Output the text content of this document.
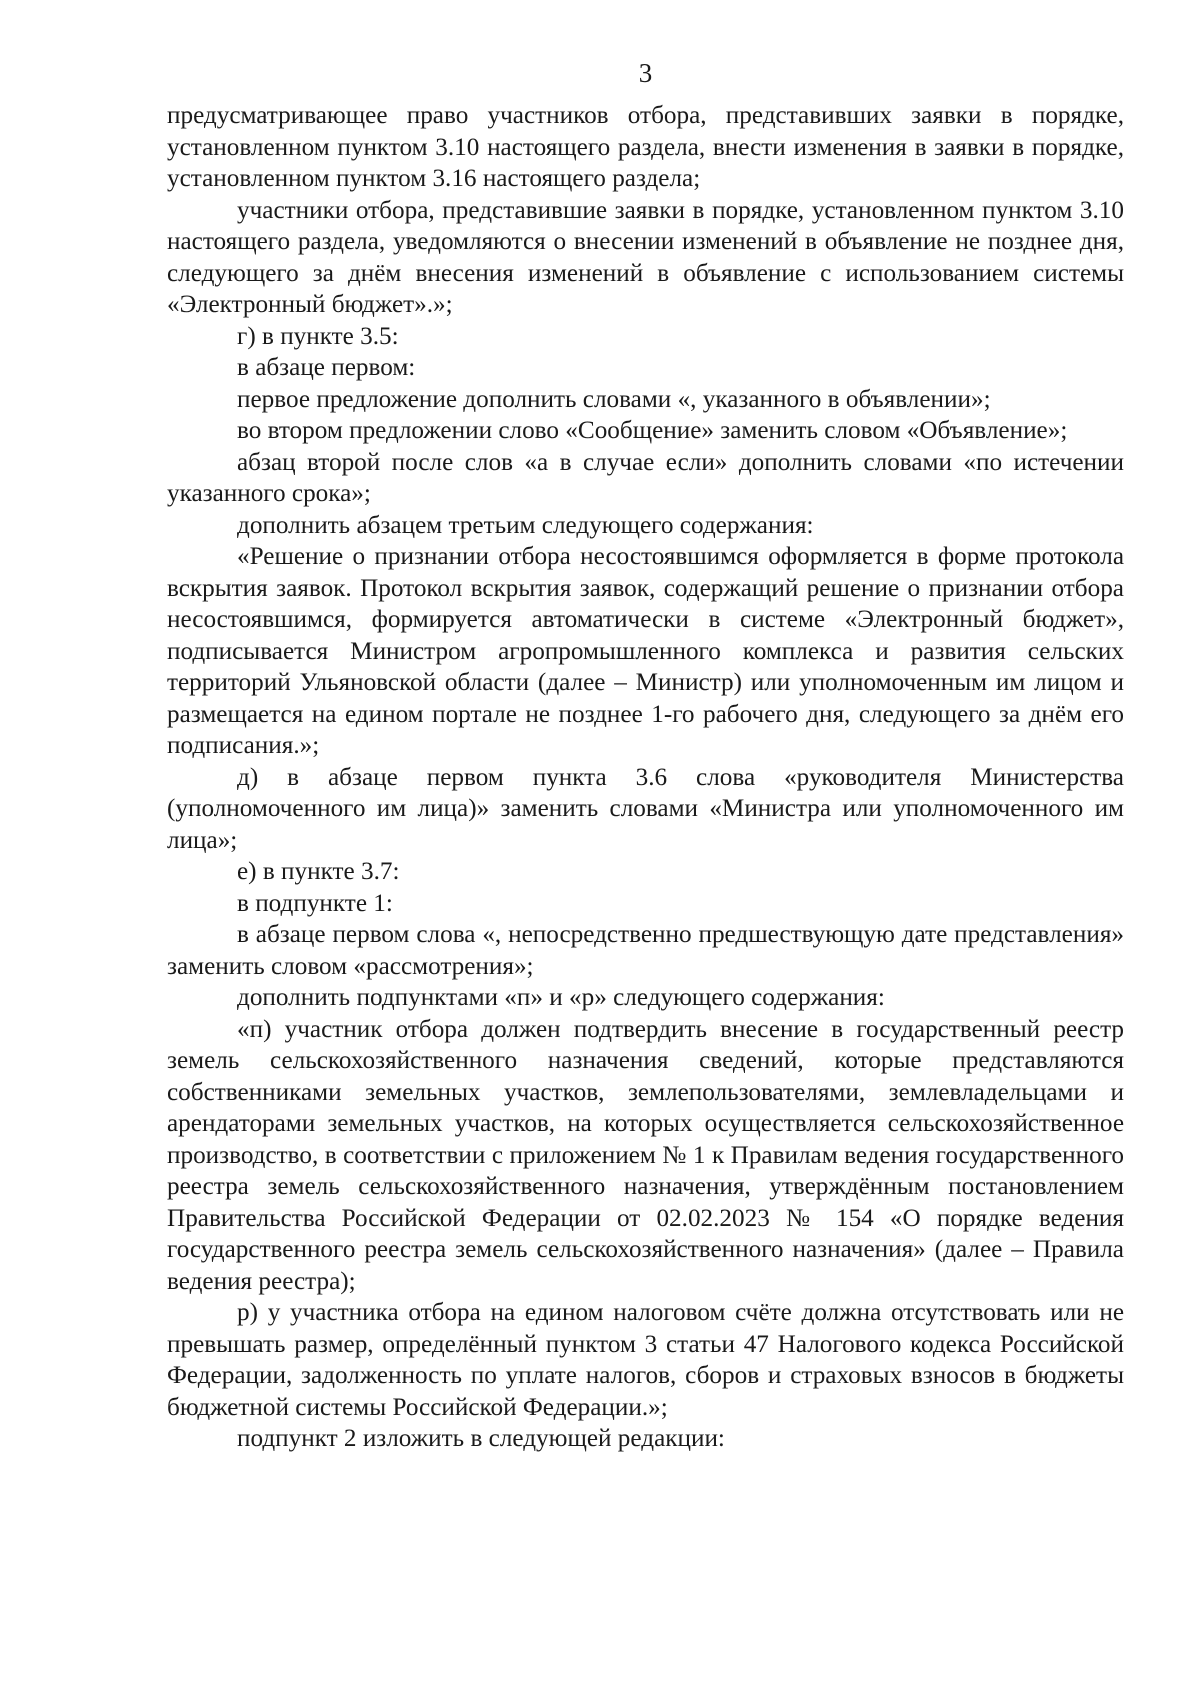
3

предусматривающее право участников отбора, представивших заявки в порядке, установленном пунктом 3.10 настоящего раздела, внести изменения в заявки в порядке, установленном пунктом 3.16 настоящего раздела;

участники отбора, представившие заявки в порядке, установленном пунктом 3.10 настоящего раздела, уведомляются о внесении изменений в объявление не позднее дня, следующего за днём внесения изменений в объявление с использованием системы «Электронный бюджет».»;

г) в пункте 3.5:

в абзаце первом:

первое предложение дополнить словами «, указанного в объявлении»;

во втором предложении слово «Сообщение» заменить словом «Объявление»;

абзац второй после слов «а в случае если» дополнить словами «по истечении указанного срока»;

дополнить абзацем третьим следующего содержания:

«Решение о признании отбора несостоявшимся оформляется в форме протокола вскрытия заявок. Протокол вскрытия заявок, содержащий решение о признании отбора несостоявшимся, формируется автоматически в системе «Электронный бюджет», подписывается Министром агропромышленного комплекса и развития сельских территорий Ульяновской области (далее – Министр) или уполномоченным им лицом и размещается на едином портале не позднее 1-го рабочего дня, следующего за днём его подписания.»;

д) в абзаце первом пункта 3.6 слова «руководителя Министерства (уполномоченного им лица)» заменить словами «Министра или уполномоченного им лица»;

е) в пункте 3.7:

в подпункте 1:

в абзаце первом слова «, непосредственно предшествующую дате представления» заменить словом «рассмотрения»;

дополнить подпунктами «п» и «р» следующего содержания:

«п) участник отбора должен подтвердить внесение в государственный реестр земель сельскохозяйственного назначения сведений, которые представляются собственниками земельных участков, землепользователями, землевладельцами и арендаторами земельных участков, на которых осуществляется сельскохозяйственное производство, в соответствии с приложением № 1 к Правилам ведения государственного реестра земель сельскохозяйственного назначения, утверждённым постановлением Правительства Российской Федерации от 02.02.2023 № 154 «О порядке ведения государственного реестра земель сельскохозяйственного назначения» (далее – Правила ведения реестра);

р) у участника отбора на едином налоговом счёте должна отсутствовать или не превышать размер, определённый пунктом 3 статьи 47 Налогового кодекса Российской Федерации, задолженность по уплате налогов, сборов и страховых взносов в бюджеты бюджетной системы Российской Федерации.»;

подпункт 2 изложить в следующей редакции:
